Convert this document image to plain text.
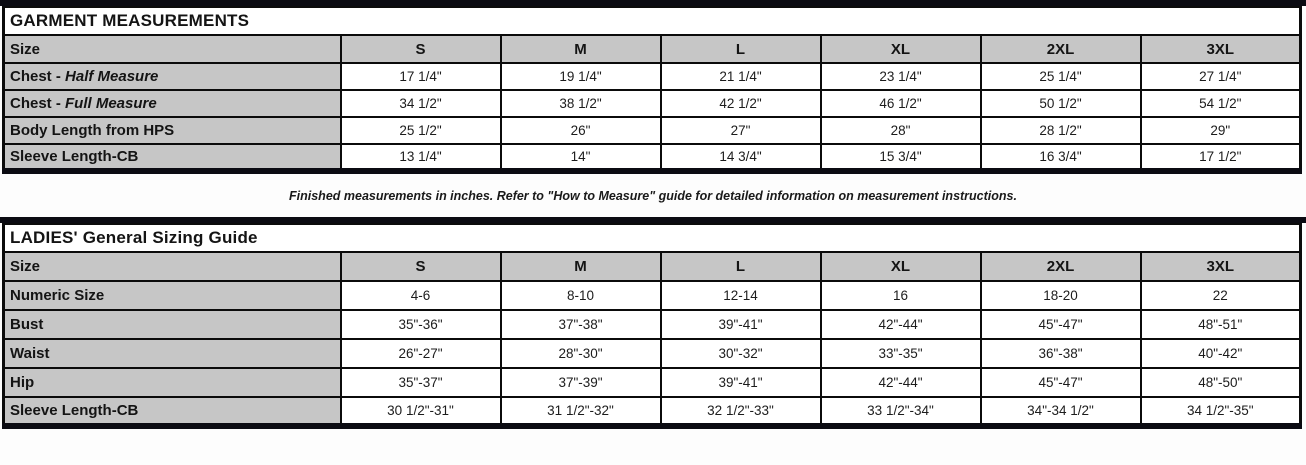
GARMENT MEASUREMENTS						
Size	S	M	L	XL	2XL	3XL
Chest - Half Measure	17 1/4"	19 1/4"	21 1/4"	23 1/4"	25 1/4"	27 1/4"
Chest - Full Measure	34 1/2"	38 1/2"	42 1/2"	46 1/2"	50 1/2"	54 1/2"
Body Length from HPS	25 1/2"	26"	27"	28"	28 1/2"	29"
Sleeve Length-CB	13 1/4"	14"	14 3/4"	15 3/4"	16 3/4"	17 1/2"
Finished measurements in inches. Refer to "How to Measure" guide for detailed information on measurement instructions.
LADIES' General Sizing Guide						
Size	S	M	L	XL	2XL	3XL
Numeric Size	4-6	8-10	12-14	16	18-20	22
Bust	35"-36"	37"-38"	39"-41"	42"-44"	45"-47"	48"-51"
Waist	26"-27"	28"-30"	30"-32"	33"-35"	36"-38"	40"-42"
Hip	35"-37"	37"-39"	39"-41"	42"-44"	45"-47"	48"-50"
Sleeve Length-CB	30 1/2"-31"	31 1/2"-32"	32 1/2"-33"	33 1/2"-34"	34"-34 1/2"	34 1/2"-35"
